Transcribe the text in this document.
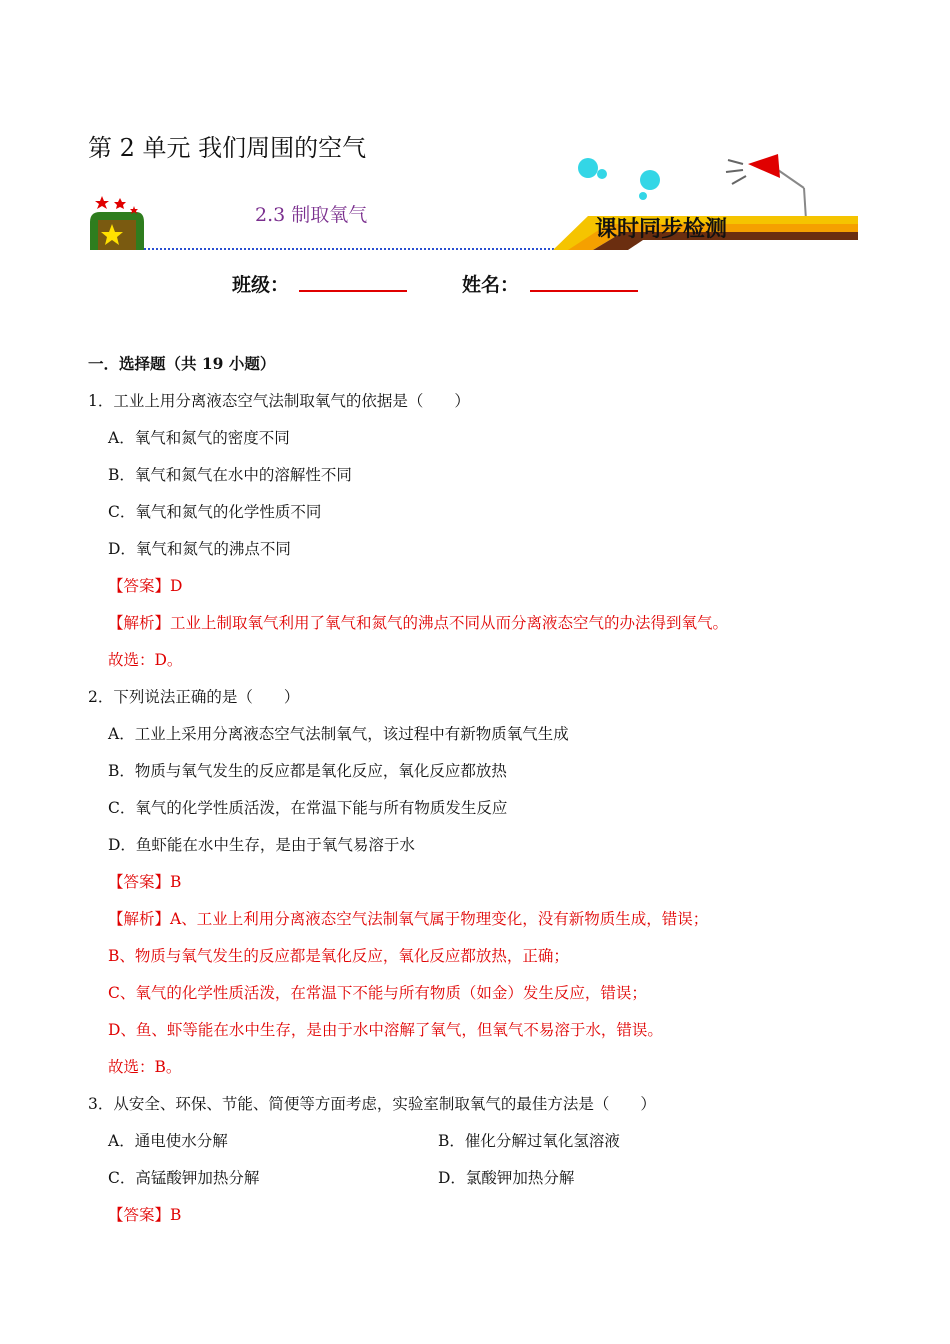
第 2 单元 我们周围的空气
2.3 制取氧气
课时同步检测
班级：	姓名：
一．选择题（共 19 小题）
1．工业上用分离液态空气法制取氧气的依据是（　　）
A．氧气和氮气的密度不同
B．氧气和氮气在水中的溶解性不同
C．氧气和氮气的化学性质不同
D．氧气和氮气的沸点不同
【答案】D
【解析】工业上制取氧气利用了氧气和氮气的沸点不同从而分离液态空气的办法得到氧气。
故选：D。
2．下列说法正确的是（　　）
A．工业上采用分离液态空气法制氧气，该过程中有新物质氧气生成
B．物质与氧气发生的反应都是氧化反应，氧化反应都放热
C．氧气的化学性质活泼，在常温下能与所有物质发生反应
D．鱼虾能在水中生存，是由于氧气易溶于水
【答案】B
【解析】A、工业上利用分离液态空气法制氧气属于物理变化，没有新物质生成，错误；
B、物质与氧气发生的反应都是氧化反应，氧化反应都放热，正确；
C、氧气的化学性质活泼，在常温下不能与所有物质（如金）发生反应，错误；
D、鱼、虾等能在水中生存，是由于水中溶解了氧气，但氧气不易溶于水，错误。
故选：B。
3．从安全、环保、节能、简便等方面考虑，实验室制取氧气的最佳方法是（　　）
A．通电使水分解	B．催化分解过氧化氢溶液
C．高锰酸钾加热分解	D．氯酸钾加热分解
【答案】B
